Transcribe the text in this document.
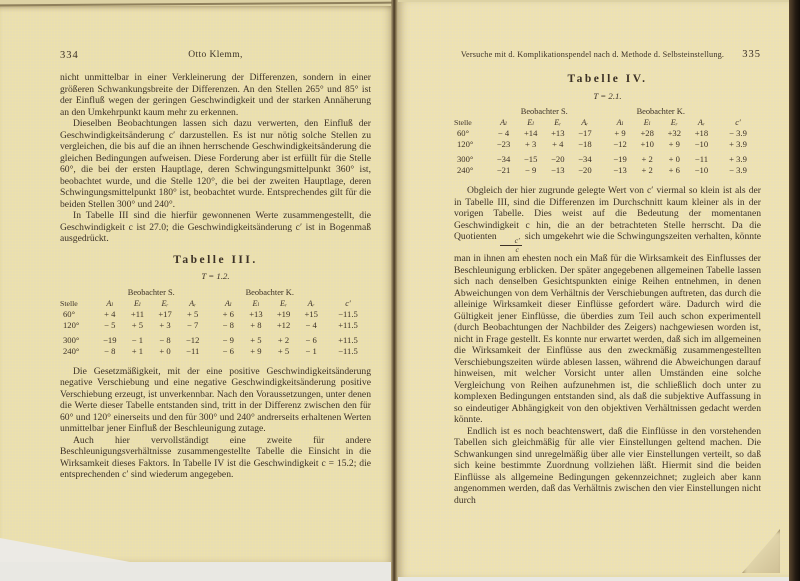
334	Otto Klemm,

nicht unmittelbar in einer Verkleinerung der Differenzen, sondern in einer größeren Schwankungsbreite der Differenzen. An den Stellen 265° und 85° ist der Einfluß wegen der geringen Geschwindigkeit und der starken Annäherung an den Umkehrpunkt kaum mehr zu erkennen.

Dieselben Beobachtungen lassen sich dazu verwerten, den Einfluß der Geschwindigkeitsänderung c′ darzustellen. Es ist nur nötig solche Stellen zu vergleichen, die bis auf die an ihnen herrschende Geschwindigkeitsänderung die gleichen Bedingungen aufweisen. Diese Forderung aber ist erfüllt für die Stelle 60°, die bei der ersten Hauptlage, deren Schwingungsmittelpunkt 360° ist, beobachtet wurde, und die Stelle 120°, die bei der zweiten Hauptlage, deren Schwingungsmittelpunkt 180° ist, beobachtet wurde. Entsprechendes gilt für die beiden Stellen 300° und 240°.

In Tabelle III sind die hierfür gewonnenen Werte zusammengestellt, die Geschwindigkeit c ist 27.0; die Geschwindigkeitsänderung c′ ist in Bogenmaß ausgedrückt.

Tabelle III.
T = 1.2.
Beobachter S.	Beobachter K.
Stelle	Aₗ	Eₗ	Eᵣ	Aᵣ	Aₗ	Eₗ	Eᵣ	Aᵣ	c′
60°	+ 4	+11	+17	+ 5	+ 6	+13	+19	+15	−11.5
120°	− 5	+ 5	+ 3	− 7	− 8	+ 8	+12	− 4	+11.5
300°	−19	− 1	− 8	−12	− 9	+ 5	+ 2	− 6	+11.5
240°	− 8	+ 1	+ 0	−11	− 6	+ 9	+ 5	− 1	−11.5

Die Gesetzmäßigkeit, mit der eine positive Geschwindigkeitsänderung negative Verschiebung und eine negative Geschwindigkeitsänderung positive Verschiebung erzeugt, ist unverkennbar. Nach den Voraussetzungen, unter denen die Werte dieser Tabelle entstanden sind, tritt in der Differenz zwischen den für 60° und 120° einerseits und den für 300° und 240° andrerseits erhaltenen Werten unmittelbar jener Einfluß der Beschleunigung zutage.

Auch hier vervollständigt eine zweite für andere Beschleunigungsverhältnisse zusammengestellte Tabelle die Einsicht in die Wirksamkeit dieses Faktors. In Tabelle IV ist die Geschwindigkeit c = 15.2; die entsprechenden c′ sind wiederum angegeben.

Versuche mit d. Komplikationspendel nach d. Methode d. Selbsteinstellung.	335
Tabelle IV.
T = 2.1.
Beobachter S.	Beobachter K.
Stelle	Aₗ	Eₗ	Eᵣ	Aᵣ	Aₗ	Eₗ	Eᵣ	Aᵣ	c′
60°	− 4	+14	+13	−17	+ 9	+28	+32	+18	− 3.9
120°	−23	+ 3	+ 4	−18	−12	+10	+ 9	−10	+ 3.9
300°	−34	−15	−20	−34	−19	+ 2	+ 0	−11	+ 3.9
240°	−21	− 9	−13	−20	−13	+ 2	+ 6	−10	− 3.9

Obgleich der hier zugrunde gelegte Wert von c′ viermal so klein ist als der in Tabelle III, sind die Differenzen im Durchschnitt kaum kleiner als in der vorigen Tabelle. Dies weist auf die Bedeutung der momentanen Geschwindigkeit c hin, die an der betrachteten Stelle herrscht. Da die Quotienten
$\frac{c'}{c}$
sich umgekehrt wie die Schwingungszeiten verhalten, könnte man in ihnen am ehesten noch ein Maß für die Wirksamkeit des Einflusses der Beschleunigung erblicken. Der später angegebenen allgemeinen Tabelle lassen sich nach denselben Gesichtspunkten einige Reihen entnehmen, in denen Abweichungen von dem Verhältnis der Verschiebungen auftreten, das durch die alleinige Wirksamkeit dieser Einflüsse gefordert wäre. Dadurch wird die Gültigkeit jener Einflüsse, die überdies zum Teil auch schon experimentell (durch Beobachtungen der Nachbilder des Zeigers) nachgewiesen worden ist, nicht in Frage gestellt. Es konnte nur erwartet werden, daß sich im allgemeinen die Wirksamkeit der Einflüsse aus den zweckmäßig zusammengestellten Verschiebungszeiten würde ablesen lassen, während die Abweichungen darauf hinweisen, mit welcher Vorsicht unter allen Umständen eine solche Vergleichung von Reihen aufzunehmen ist, die schließlich doch unter zu komplexen Bedingungen entstanden sind, als daß die subjektive Auffassung in so eindeutiger Abhängigkeit von den objektiven Verhältnissen gedacht werden könnte.

Endlich ist es noch beachtenswert, daß die Einflüsse in den vorstehenden Tabellen sich gleichmäßig für alle vier Einstellungen geltend machen. Die Schwankungen sind unregelmäßig über alle vier Einstellungen verteilt, so daß sich keine bestimmte Zuordnung vollziehen läßt. Hiermit sind die beiden Einflüsse als allgemeine Bedingungen gekennzeichnet; zugleich aber kann angenommen werden, daß das Verhältnis zwischen den vier Einstellungen nicht durch
